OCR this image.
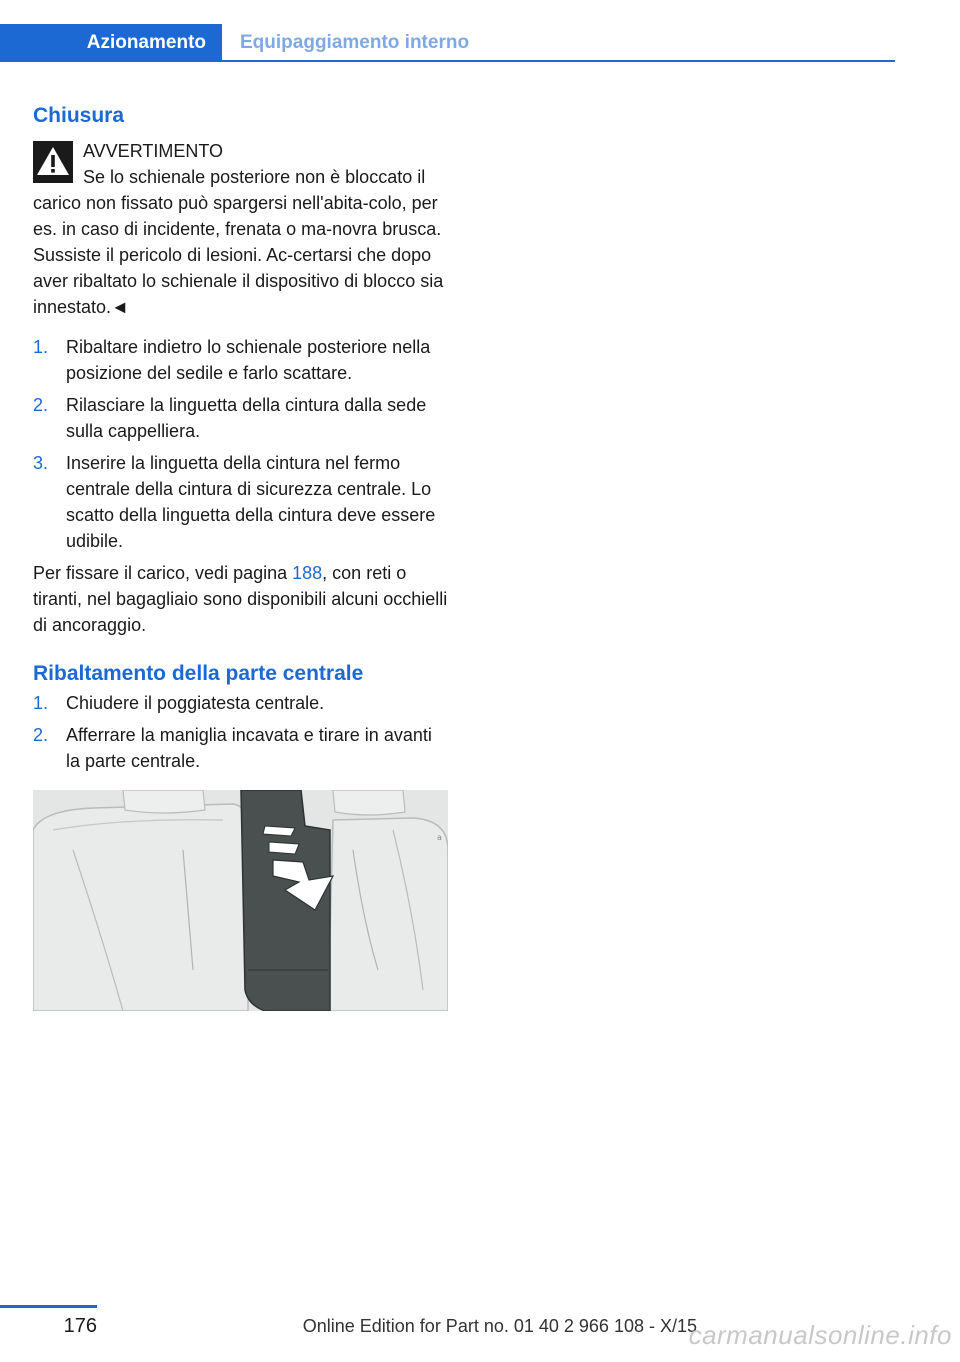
Azionamento	Equipaggiamento interno
Chiusura
AVVERTIMENTO

Se lo schienale posteriore non è bloccato il carico non fissato può spargersi nell'abita-colo, per es. in caso di incidente, frenata o ma-novra brusca. Sussiste il pericolo di lesioni. Ac-certarsi che dopo aver ribaltato lo schienale il dispositivo di blocco sia innestato.◄

1. Ribaltare indietro lo schienale posteriore nella posizione del sedile e farlo scattare.
2. Rilasciare la linguetta della cintura dalla sede sulla cappelliera.
3. Inserire la linguetta della cintura nel fermo centrale della cintura di sicurezza centrale. Lo scatto della linguetta della cintura deve essere udibile.

Per fissare il carico, vedi pagina 188, con reti o tiranti, nel bagagliaio sono disponibili alcuni occhielli di ancoraggio.

Ribaltamento della parte centrale
1. Chiudere il poggiatesta centrale.
2. Afferrare la maniglia incavata e tirare in avanti la parte centrale.
a
176	Online Edition for Part no. 01 40 2 966 108 - X/15
carmanualsonline.info
